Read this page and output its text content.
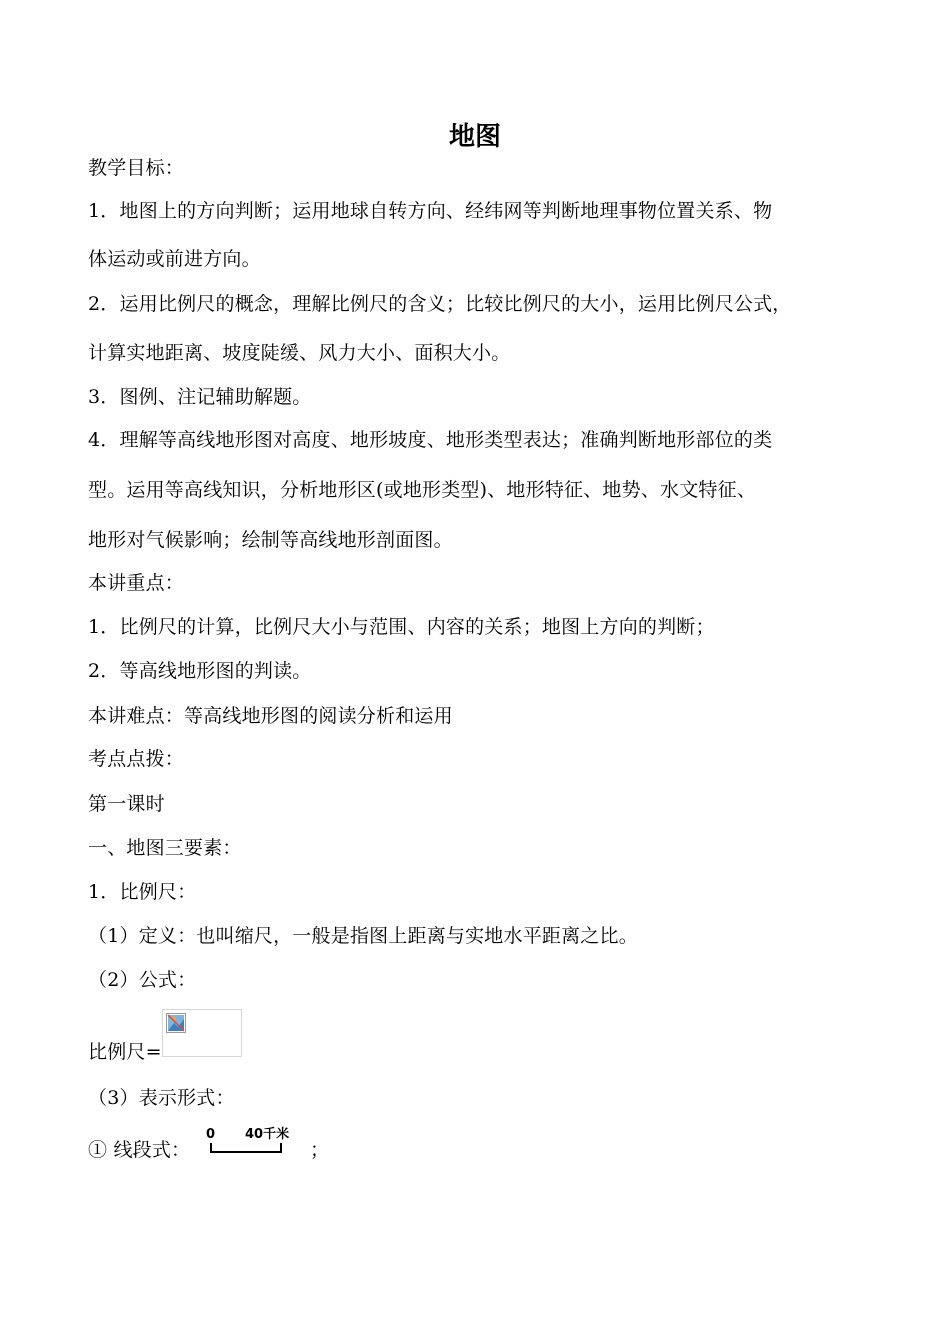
地图
教学目标：
1．地图上的方向判断；运用地球自转方向、经纬网等判断地理事物位置关系、物
体运动或前进方向。
2．运用比例尺的概念，理解比例尺的含义；比较比例尺的大小，运用比例尺公式，
计算实地距离、坡度陡缓、风力大小、面积大小。
3．图例、注记辅助解题。
4．理解等高线地形图对高度、地形坡度、地形类型表达；准确判断地形部位的类
型。运用等高线知识，分析地形区(或地形类型)、地形特征、地势、水文特征、
地形对气候影响；绘制等高线地形剖面图。
本讲重点：
1．比例尺的计算，比例尺大小与范围、内容的关系；地图上方向的判断；
2．等高线地形图的判读。
本讲难点：等高线地形图的阅读分析和运用
考点点拨：
第一课时
一、地图三要素：
1．比例尺：
（1）定义：也叫缩尺，一般是指图上距离与实地水平距离之比。
（2）公式：
比例尺=
（3）表示形式：
① 线段式：
0 40千米
；
